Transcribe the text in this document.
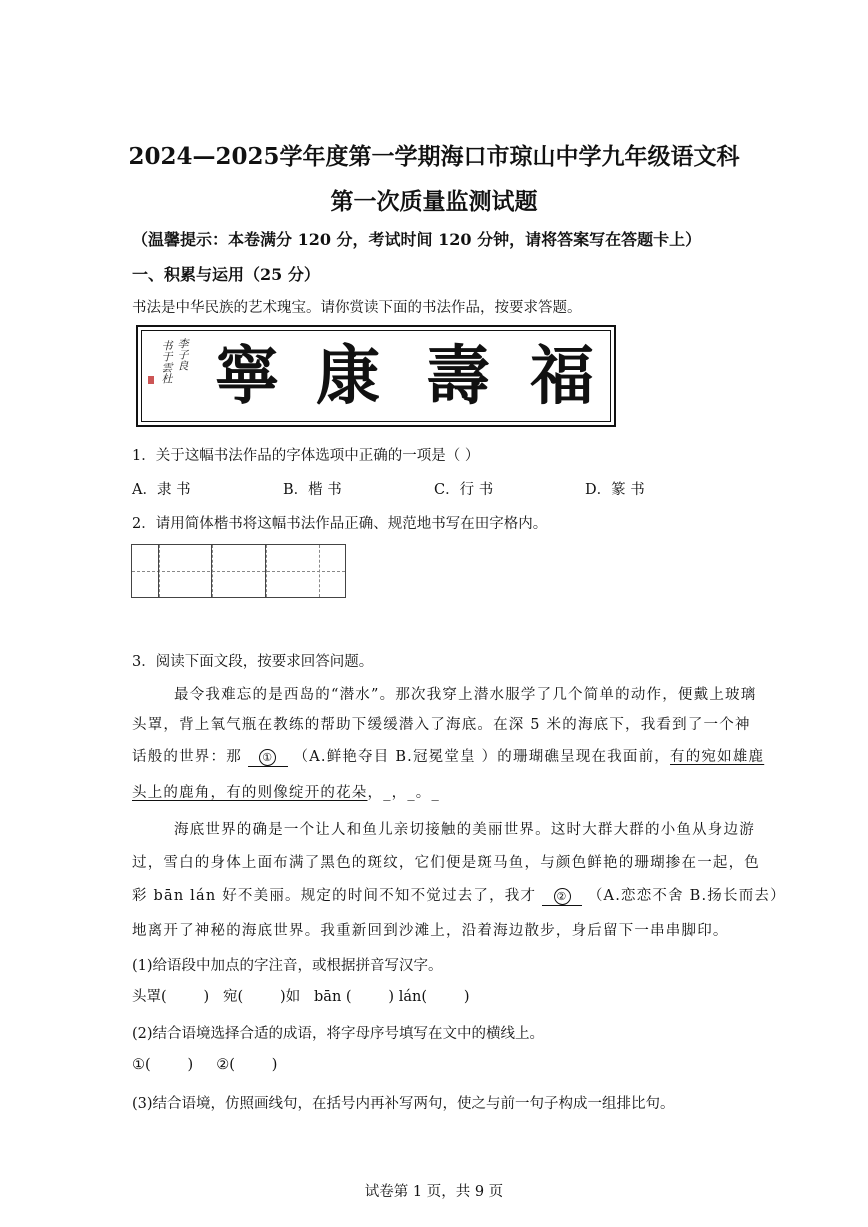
2024—2025学年度第一学期海口市琼山中学九年级语文科
第一次质量监测试题
（温馨提示：本卷满分 120 分，考试时间 120 分钟，请将答案写在答题卡上）
一、积累与运用（25 分）
书法是中华民族的艺术瑰宝。请你赏读下面的书法作品，按要求答题。
李子良
书于雲杜 寧 康 壽 福
1．关于这幅书法作品的字体选项中正确的一项是（ ）
A．隶 书	B．楷 书	C．行 书	D．篆 书
2．请用简体楷书将这幅书法作品正确、规范地书写在田字格内。
3．阅读下面文段，按要求回答问题。
最令我难忘的是西岛的“潜水”。那次我穿上潜水服学了几个简单的动作，便戴上玻璃
头罩，背上氧气瓶在教练的帮助下缓缓潜入了海底。在深 5 米的海底下，我看到了一个神
话般的世界：那 ① （A.鲜艳夺目 B.冠冕堂皇 ）的珊瑚礁呈现在我面前，有的宛如雄鹿
头上的鹿角，有的则像绽开的花朵，_，_。_
海底世界的确是一个让人和鱼儿亲切接触的美丽世界。这时大群大群的小鱼从身边游
过，雪白的身体上面布满了黑色的斑纹，它们便是斑马鱼，与颜色鲜艳的珊瑚掺在一起，色
彩 bān lán 好不美丽。规定的时间不知不觉过去了，我才 ② （A.恋恋不舍 B.扬长而去）
地离开了神秘的海底世界。我重新回到沙滩上，沿着海边散步，身后留下一串串脚印。
(1)给语段中加点的字注音，或根据拼音写汉字。
头罩(        )   宛(        )如   bān (        ) lán(        )
(2)结合语境选择合适的成语，将字母序号填写在文中的横线上。
①(        )     ②(        )
(3)结合语境，仿照画线句，在括号内再补写两句，使之与前一句子构成一组排比句。
试卷第 1 页，共 9 页
